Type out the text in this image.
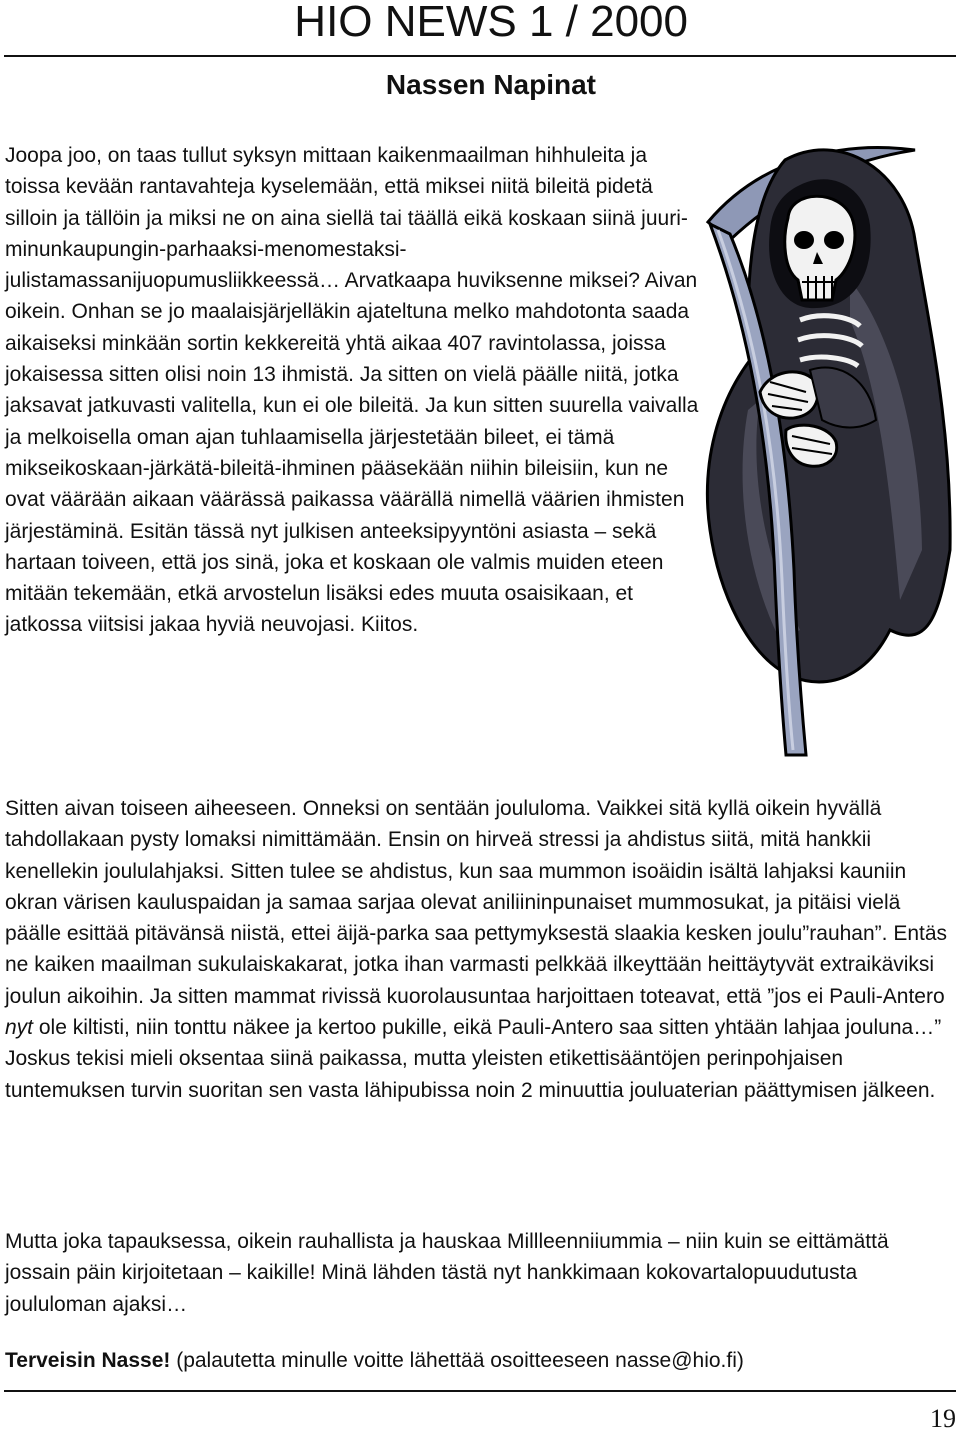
HIO NEWS 1 / 2000
Nassen Napinat

Joopa joo, on taas tullut syksyn mittaan kaikenmaailman hihhuleita ja toissa kevään rantavahteja kyselemään, että miksei niitä bileitä pidetä silloin ja tällöin ja miksi ne on aina siellä tai täällä eikä koskaan siinä juuri-minunkaupungin-parhaaksi-menomestaksi-julistamassanijuopumusliikkeessä… Arvatkaapa huviksenne miksei? Aivan oikein. Onhan se jo maalaisjärjelläkin ajateltuna melko mahdotonta saada aikaiseksi minkään sortin kekkereitä yhtä aikaa 407 ravintolassa, joissa jokaisessa sitten olisi noin 13 ihmistä. Ja sitten on vielä päälle niitä, jotka jaksavat jatkuvasti valitella, kun ei ole bileitä. Ja kun sitten suurella vaivalla ja melkoisella oman ajan tuhlaamisella järjestetään bileet, ei tämä mikseikoskaan-järkätä-bileitä-ihminen pääsekään niihin bileisiin, kun ne ovat väärään aikaan väärässä paikassa väärällä nimellä väärien ihmisten järjestäminä. Esitän tässä nyt julkisen anteeksipyyntöni asiasta – sekä hartaan toiveen, että jos sinä, joka et koskaan ole valmis muiden eteen mitään tekemään, etkä arvostelun lisäksi edes muuta osaisikaan, et jatkossa viitsisi jakaa hyviä neuvojasi. Kiitos.

Sitten aivan toiseen aiheeseen. Onneksi on sentään joululoma. Vaikkei sitä kyllä oikein hyvällä tahdollakaan pysty lomaksi nimittämään. Ensin on hirveä stressi ja ahdistus siitä, mitä hankkii kenellekin joululahjaksi. Sitten tulee se ahdistus, kun saa mummon isoäidin isältä lahjaksi kauniin okran värisen kauluspaidan ja samaa sarjaa olevat aniliininpunaiset mummosukat, ja pitäisi vielä päälle esittää pitävänsä niistä, ettei äijä-parka saa pettymyksestä slaakia kesken joulu”rauhan”. Entäs ne kaiken maailman sukulaiskakarat, jotka ihan varmasti pelkkää ilkeyttään heittäytyvät extraikäviksi joulun aikoihin. Ja sitten mammat rivissä kuorolausuntaa harjoittaen toteavat, että ”jos ei Pauli-Antero nyt ole kiltisti, niin tonttu näkee ja kertoo pukille, eikä Pauli-Antero saa sitten yhtään lahjaa jouluna…” Joskus tekisi mieli oksentaa siinä paikassa, mutta yleisten etikettisääntöjen perinpohjaisen tuntemuksen turvin suoritan sen vasta lähipubissa noin 2 minuuttia jouluaterian päättymisen jälkeen.

Mutta joka tapauksessa, oikein rauhallista ja hauskaa Millleenniiummia – niin kuin se eittämättä jossain päin kirjoitetaan – kaikille! Minä lähden tästä nyt hankkimaan kokovartalopuudutusta joululoman ajaksi…

Terveisin Nasse! (palautetta minulle voitte lähettää osoitteeseen nasse@hio.fi)

19
